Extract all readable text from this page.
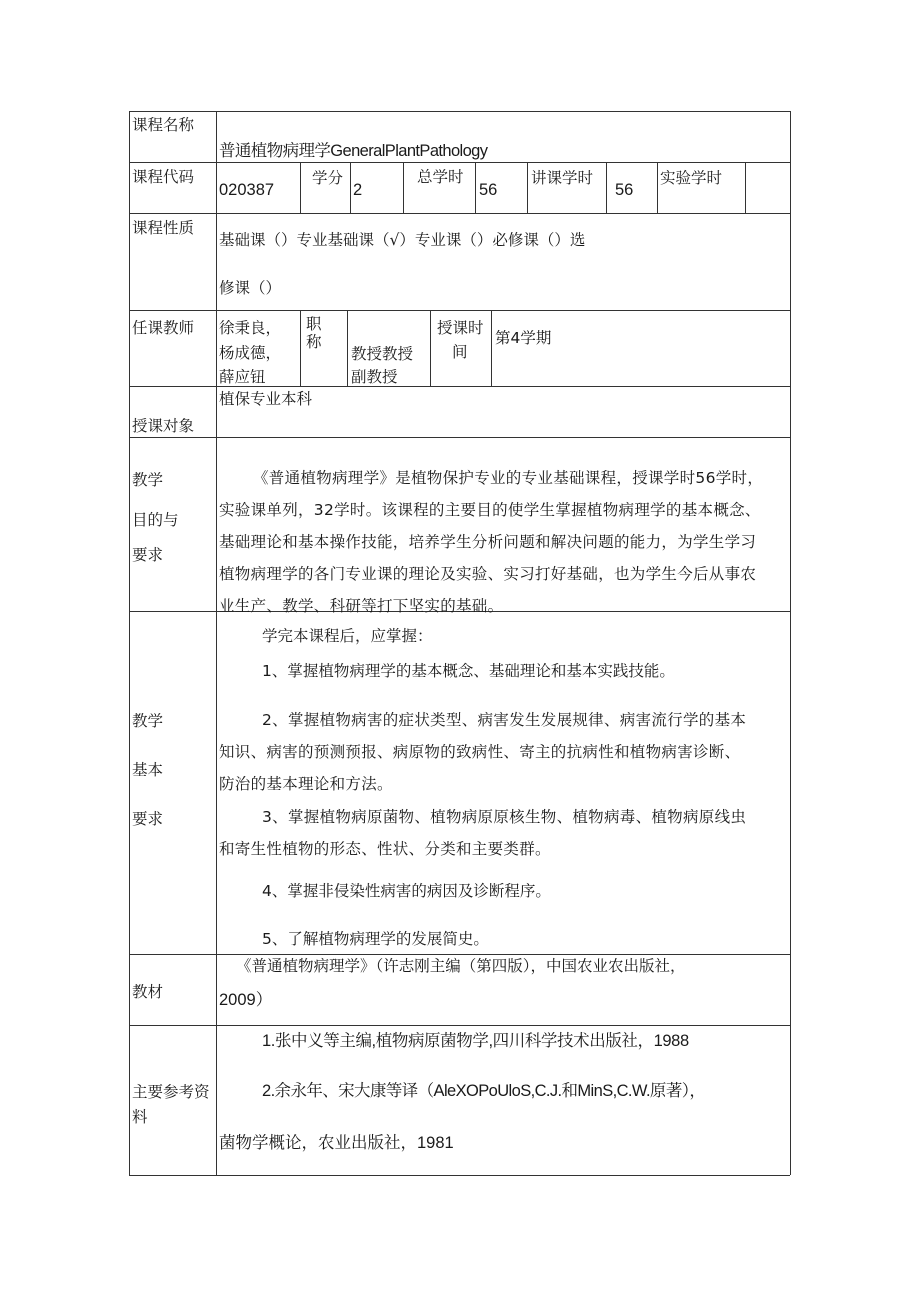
课程名称
普通植物病理学GeneralPlantPathology
课程代码
020387
学分
2
总学时
56
讲课学时
56
实验学时
课程性质
基础课（）专业基础课（√）专业课（）必修课（）选
修课（）
任课教师 徐秉良，
杨成德，
薛应钮
职
称
教授教授
副教授
授课时
间
第4学期
植保专业本科
授课对象
教学
目的与
要求

《普通植物病理学》是植物保护专业的专业基础课程，授课学时56学时，

实验课单列，32学时。该课程的主要目的使学生掌握植物病理学的基本概念、

基础理论和基本操作技能，培养学生分析问题和解决问题的能力，为学生学习

植物病理学的各门专业课的理论及实验、实习打好基础，也为学生今后从事农

业生产、教学、科研等打下坚实的基础。

教学
基本
要求
学完本课程后，应掌握：
1、掌握植物病理学的基本概念、基础理论和基本实践技能。

2、掌握植物病害的症状类型、病害发生发展规律、病害流行学的基本

知识、病害的预测预报、病原物的致病性、寄主的抗病性和植物病害诊断、

防治的基本理论和方法。

3、掌握植物病原菌物、植物病原原核生物、植物病毒、植物病原线虫

和寄生性植物的形态、性状、分类和主要类群。

4、掌握非侵染性病害的病因及诊断程序。
5、了解植物病理学的发展简史。
教材
《普通植物病理学》（许志刚主编（第四版），中国农业农出版社，
2009）
主要参考资
料
1.张中义等主编,植物病原菌物学,四川科学技术出版社，1988
2.余永年、宋大康等译（AleXOPoUloS,C.J.和MinS,C.W.原著），
菌物学概论，农业出版社，1981
